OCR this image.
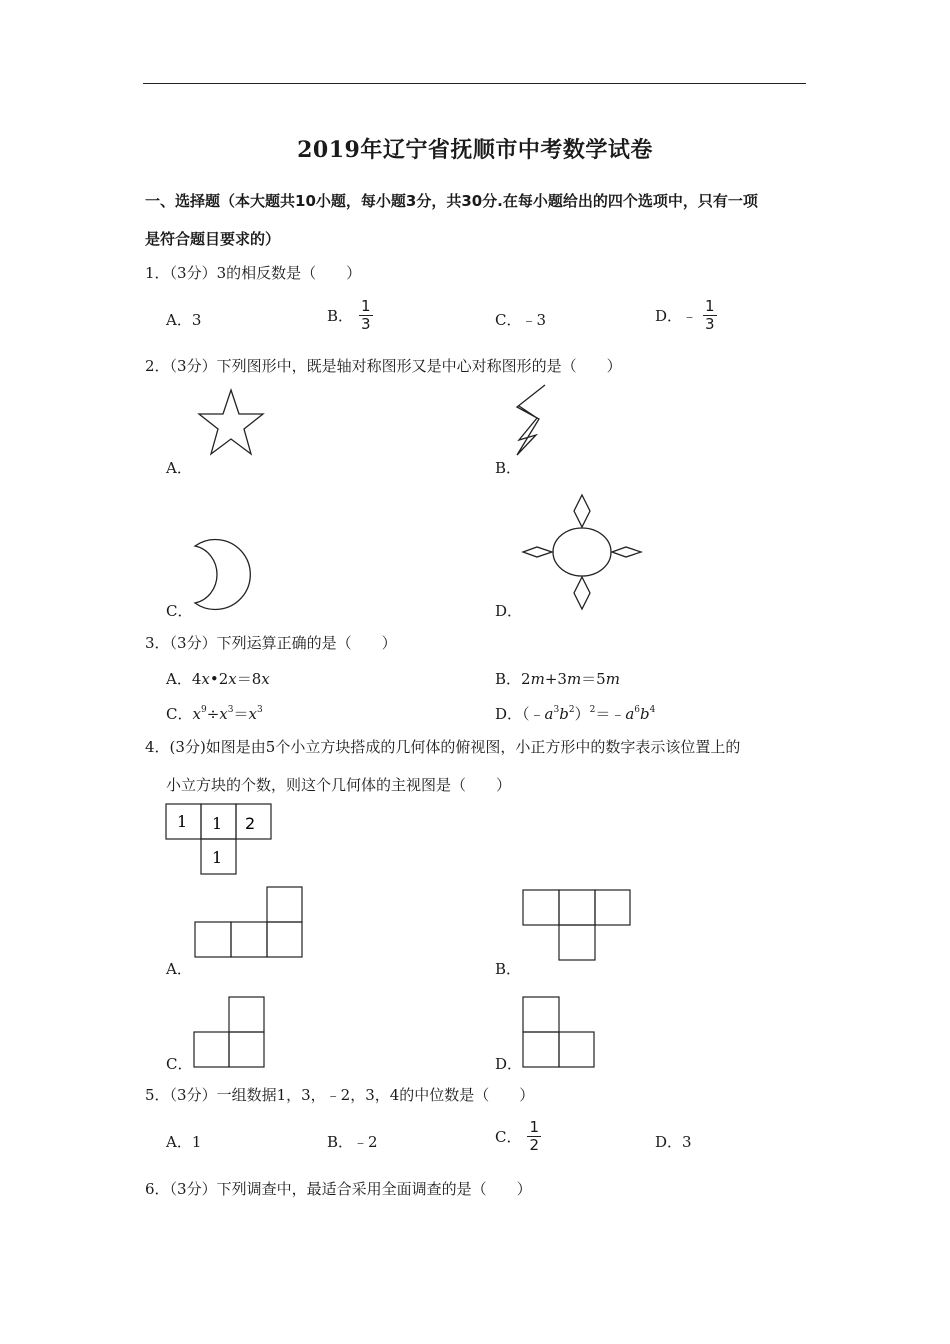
2019年辽宁省抚顺市中考数学试卷
一、选择题（本大题共10小题，每小题3分，共30分.在每小题给出的四个选项中，只有一项
是符合题目要求的）
1．（3分）3的相反数是（　　）
A．3	B． $\frac{1}{3}$	C．﹣3	D．﹣ $\frac{1}{3}$
2．（3分）下列图形中，既是轴对称图形又是中心对称图形的是（　　）
A．	B．
C．	D．
3．（3分）下列运算正确的是（　　）
A．4x•2x＝8x	B．2m+3m＝5m
C．$x^9\div x^3=x^3$	D．$(﹣a^3b^2)^2=﹣a^6b^4$
4．(3分)如图是由5个小立方块搭成的几何体的俯视图，小正方形中的数字表示该位置上的
小立方块的个数，则这个几何体的主视图是（　　）
1 1 2
1
A．	B．
C．	D．
5．（3分）一组数据1，3，﹣2，3，4的中位数是（　　）
A．1	B．﹣2	C． $\frac{1}{2}$	D．3
6．（3分）下列调查中，最适合采用全面调查的是（　　）
